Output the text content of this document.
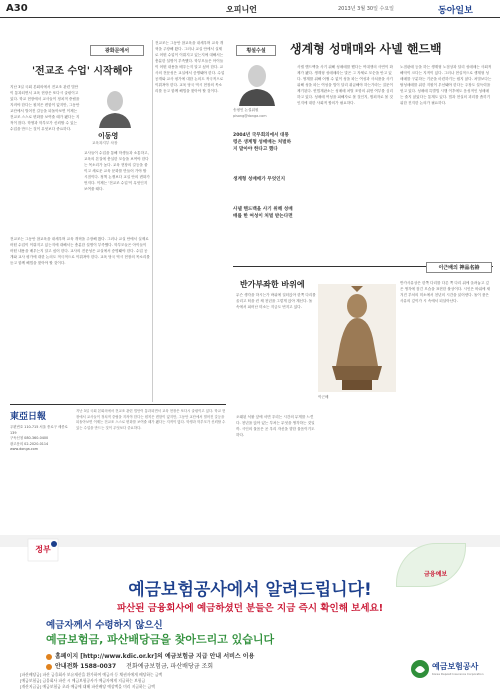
A30	오피니언	2013년 3월 30일 수요일	동아일보
광화문에서
'전교조 수업' 시작해야
지난 3일 국회 본회의에서 전교조 관련 법안이 통과되면서 교육 현장은 또다시 술렁이고 있다. 학교 현장에서 교사들이 정치적 중립을 지켜야 한다는 원칙은 변함이 없지만, 그동안 교단에서 벌어진 갈등을 되돌아보면 이제는 전교조 스스로 변화를 보여줄 때가 됐다는 지적이 많다. 학생과 학부모가 신뢰할 수 있는 수업을 만드는 것이 무엇보다 중요하다.
이동영
교육복지부 차장
교사들이 수업을 통해 학생들과 소통하고, 교육의 본질에 충실한 모습을 보여야 한다는 목소리가 높다. 교육 현장의 갈등을 줄이고 새로운 교육 문화를 만들어 가야 할 시점이다. 정책 논쟁보다 교실 안의 변화가 먼저다. 이제는 '전교조 수업'이 무엇인지 보여줄 때다.
전교조는 그동안 참교육을 내세우며 교육 개혁을 주장해 왔다. 그러나 교실 안에서 실제로 어떤 수업이 이뤄지고 있는지에 대해서는 충분한 설명이 부족했다. 학부모들은 아이들이 어떤 내용을 배우는지 알고 싶어 한다. 교사의 전문성은 교실에서 증명돼야 한다. 수업 공개와 교사 평가에 대한 논의도 적극적으로 이뤄져야 한다. 교육 당국 역시 현장의 목소리를 듣고 함께 해법을 찾아야 할 것이다.
전교조는 그동안 참교육을 내세우며 교육 개혁을 주장해 왔다. 그러나 교실 안에서 실제로 어떤 수업이 이뤄지고 있는지에 대해서는 충분한 설명이 부족했다. 학부모들은 아이들이 어떤 내용을 배우는지 알고 싶어 한다. 교사의 전문성은 교실에서 증명돼야 한다. 수업 공개와 교사 평가에 대한 논의도 적극적으로 이뤄져야 한다. 교육 당국 역시 현장의 목소리를 듣고 함께 해법을 찾아야 할 것이다.
東亞日報
우편번호 110-715 서울 종로구 세종로 139
구독신청 080-360-0400
광고문의 02-2020-0114
www.donga.com
지난 3일 국회 본회의에서 전교조 관련 법안이 통과되면서 교육 현장은 또다시 술렁이고 있다. 학교 현장에서 교사들이 정치적 중립을 지켜야 한다는 원칙은 변함이 없지만, 그동안 교단에서 벌어진 갈등을 되돌아보면 이제는 전교조 스스로 변화를 보여줄 때가 됐다는 지적이 많다. 학생과 학부모가 신뢰할 수 있는 수업을 만드는 것이 무엇보다 중요하다.
횡설수설	생계형 성매매와 사넬 핸드백
송평인 논설위원
pisong@donga.com
2004년 국무회의에서 대통령은 생계형 성매매는 처벌하지 말아야 한다고 했다
생계형 성매매가 무엇인지
사넬 핸드백을 사기 위해 성매매를 한 여성이 처벌 받는다면
사넬 핸드백을 사기 위해 성매매를 했다는 여대생의 사연이 화제가 됐다. 생계형 성매매라는 말은 그 자체로 모순을 안고 있다. 생계를 위해 어쩔 수 없이 성을 파는 여성과 사치품을 사기 위해 성을 파는 여성을 법이 달리 취급해야 하는가라는 질문이 제기된다. 헌법재판소는 성매매 처벌 조항의 위헌 여부를 심리하고 있다. 성매매 여성을 피해자로 볼 것인지, 범죄자로 볼 것인지에 대한 사회적 합의가 필요하다.
노점판매 등을 하는 생계형 노점상과 달리 성매매는 사회적 해악이 크다는 지적이 있다. 그러나 현실적으로 생계형 성매매를 구분하는 기준을 마련하기는 쉽지 않다. 처벌보다는 탈성매매를 위한 지원이 우선돼야 한다는 주장도 설득력을 얻고 있다. 성매매 특별법 시행 이후에도 음성적인 성매매는 줄지 않았다는 통계도 있다. 법과 현실의 괴리를 좁히기 위한 진지한 논의가 필요하다.
이근배의 神品名詩
반가부좌한 바위에
무슨 생각을 하시는가 바위에 걸터앉아 한쪽 다리를 올리고 턱을 괸 채 천년을 그렇게 앉아 계신다. 돌 속에서 피어난 미소는 지금도 번지고 있다.
오래된 석불 앞에 서면 우리는 시간의 무게를 느낀다. 천년을 앉아 있는 부처는 무엇을 생각하는 것일까. 시인의 물음은 곧 우리 자신을 향한 물음이기도 하다.
이근배
반가사유상은 한쪽 다리를 다른 쪽 다리 위에 올려놓고 깊은 생각에 잠긴 모습을 표현한 불상이다. 시인은 바위에 새겨진 부처의 미소에서 천년의 시간을 읽어낸다. 돌이 품은 사유의 깊이가 시 속에서 되살아난다.
정부
금융예보
예금보험공사에서 알려드립니다!
파산된 금융회사에 예금하셨던 분들은 지금 즉시 확인해 보세요!
예금자께서 수령하지 않으신
예금보험금, 파산배당금을 찾아드리고 있습니다
홈페이지 [http://www.kdic.or.kr]의 예금보험금 지급 안내 서비스 이용
안내전화 1588-0037 전화예금보험금, 파산배당금 조회
[파산배당금] 파산 금융회사 보유재산을 환가하여 예금자 등 채권자에게 배당하는 금액
[예금보험금] 금융회사 파산 시 예금보험공사가 예금자에게 지급하는 보험금
[개산지급금] 예금보험금 초과 예금에 대해 파산배당 예상액을 미리 지급하는 금액
예금보험공사
Korea Deposit Insurance Corporation
